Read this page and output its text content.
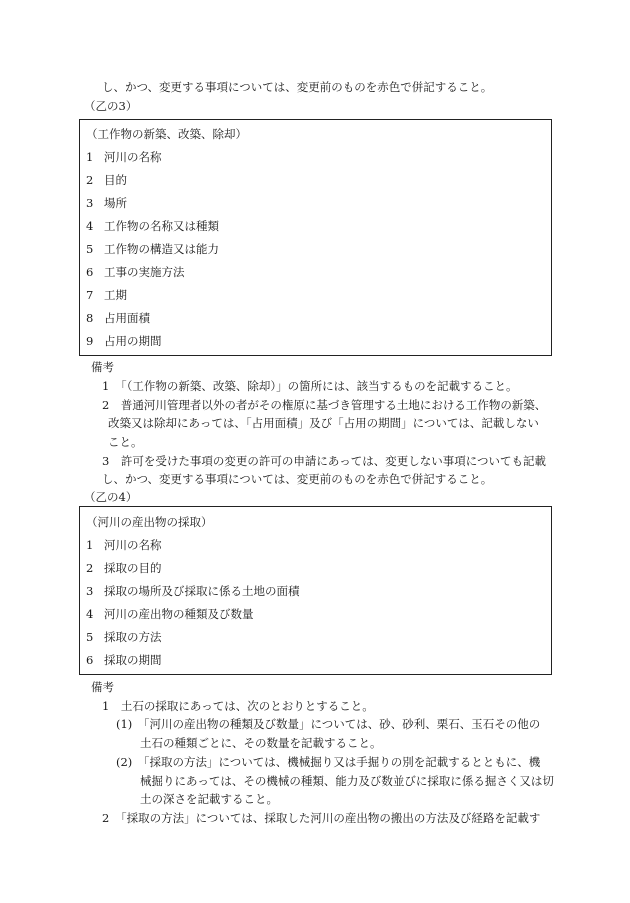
し、かつ、変更する事項については、変更前のものを赤色で併記すること。
（乙の3）
（工作物の新築、改築、除却）
1 河川の名称
2 目的
3 場所
4 工作物の名称又は種類
5 工作物の構造又は能力
6 工事の実施方法
7 工期
8 占用面積
9 占用の期間
備考
1　「（工作物の新築、改築、除却）」の箇所には、該当するものを記載すること。
2　普通河川管理者以外の者がその権原に基づき管理する土地における工作物の新築、
改築又は除却にあっては、「占用面積」及び「占用の期間」については、記載しない
こと。
3　許可を受けた事項の変更の許可の申請にあっては、変更しない事項についても記載
し、かつ、変更する事項については、変更前のものを赤色で併記すること。
（乙の4）
（河川の産出物の採取）
1 河川の名称
2 採取の目的
3 採取の場所及び採取に係る土地の面積
4 河川の産出物の種類及び数量
5 採取の方法
6 採取の期間
備考
1　土石の採取にあっては、次のとおりとすること。
(1)　「河川の産出物の種類及び数量」については、砂、砂利、栗石、玉石その他の
土石の種類ごとに、その数量を記載すること。
(2)　「採取の方法」については、機械掘り又は手掘りの別を記載するとともに、機
械掘りにあっては、その機械の種類、能力及び数並びに採取に係る掘さく又は切
土の深さを記載すること。
2　「採取の方法」については、採取した河川の産出物の搬出の方法及び経路を記載す
